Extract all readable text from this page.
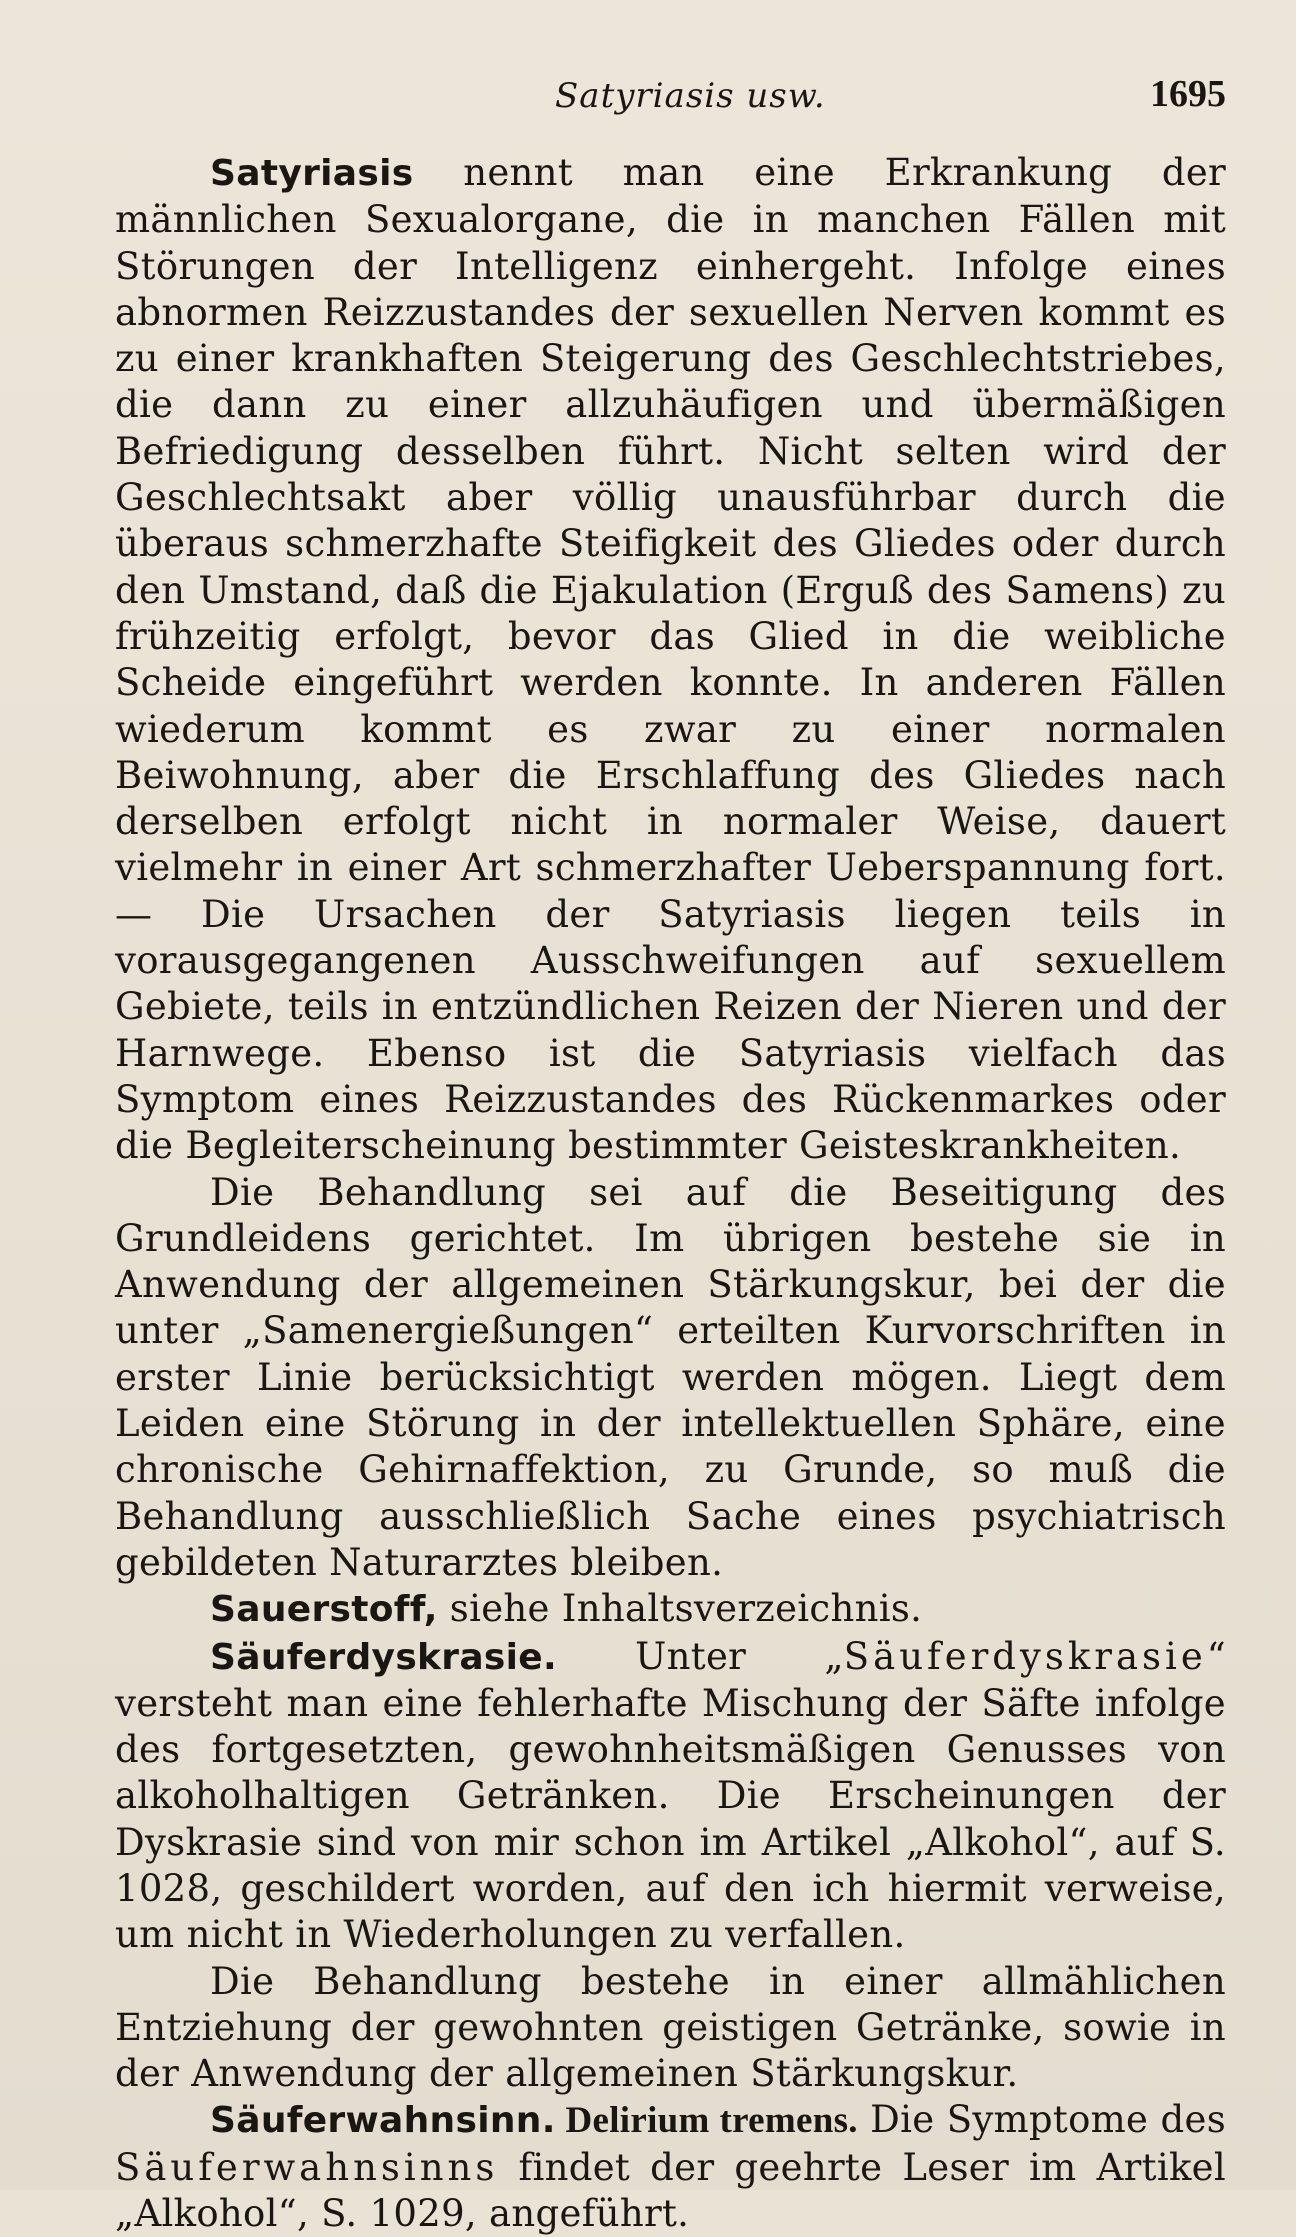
Satyriasis usw.	1695

Satyriasis nennt man eine Erkrankung der männlichen Sexualorgane, die in manchen Fällen mit Störungen der Intelligenz einhergeht. Infolge eines abnormen Reizzustandes der sexuellen Nerven kommt es zu einer krankhaften Steigerung des Geschlechtstriebes, die dann zu einer allzuhäufigen und übermäßigen Befriedigung desselben führt. Nicht selten wird der Geschlechtsakt aber völlig unausführbar durch die überaus schmerzhafte Steifigkeit des Gliedes oder durch den Umstand, daß die Ejakulation (Erguß des Samens) zu frühzeitig erfolgt, bevor das Glied in die weibliche Scheide eingeführt werden konnte. In anderen Fällen wiederum kommt es zwar zu einer normalen Beiwohnung, aber die Erschlaffung des Gliedes nach derselben erfolgt nicht in normaler Weise, dauert vielmehr in einer Art schmerzhafter Ueberspannung fort. — Die Ursachen der Satyriasis liegen teils in vorausgegangenen Ausschweifungen auf sexuellem Gebiete, teils in entzündlichen Reizen der Nieren und der Harnwege. Ebenso ist die Satyriasis vielfach das Symptom eines Reizzustandes des Rückenmarkes oder die Begleiterscheinung bestimmter Geisteskrankheiten.

Die Behandlung sei auf die Beseitigung des Grundleidens gerichtet. Im übrigen bestehe sie in Anwendung der allgemeinen Stärkungskur, bei der die unter „Samenergießungen“ erteilten Kurvorschriften in erster Linie berücksichtigt werden mögen. Liegt dem Leiden eine Störung in der intellektuellen Sphäre, eine chronische Gehirnaffektion, zu Grunde, so muß die Behandlung ausschließlich Sache eines psychiatrisch gebildeten Naturarztes bleiben.

Sauerstoff, siehe Inhaltsverzeichnis.

Säuferdyskrasie. Unter „Säuferdyskrasie“ versteht man eine fehlerhafte Mischung der Säfte infolge des fortgesetzten, gewohnheitsmäßigen Genusses von alkoholhaltigen Getränken. Die Erscheinungen der Dyskrasie sind von mir schon im Artikel „Alkohol“, auf S. 1028, geschildert worden, auf den ich hiermit verweise, um nicht in Wiederholungen zu verfallen.

Die Behandlung bestehe in einer allmählichen Entziehung der gewohnten geistigen Getränke, sowie in der Anwendung der allgemeinen Stärkungskur.

Säuferwahnsinn. Delirium tremens. Die Symptome des Säuferwahnsinns findet der geehrte Leser im Artikel „Alkohol“, S. 1029, angeführt.
